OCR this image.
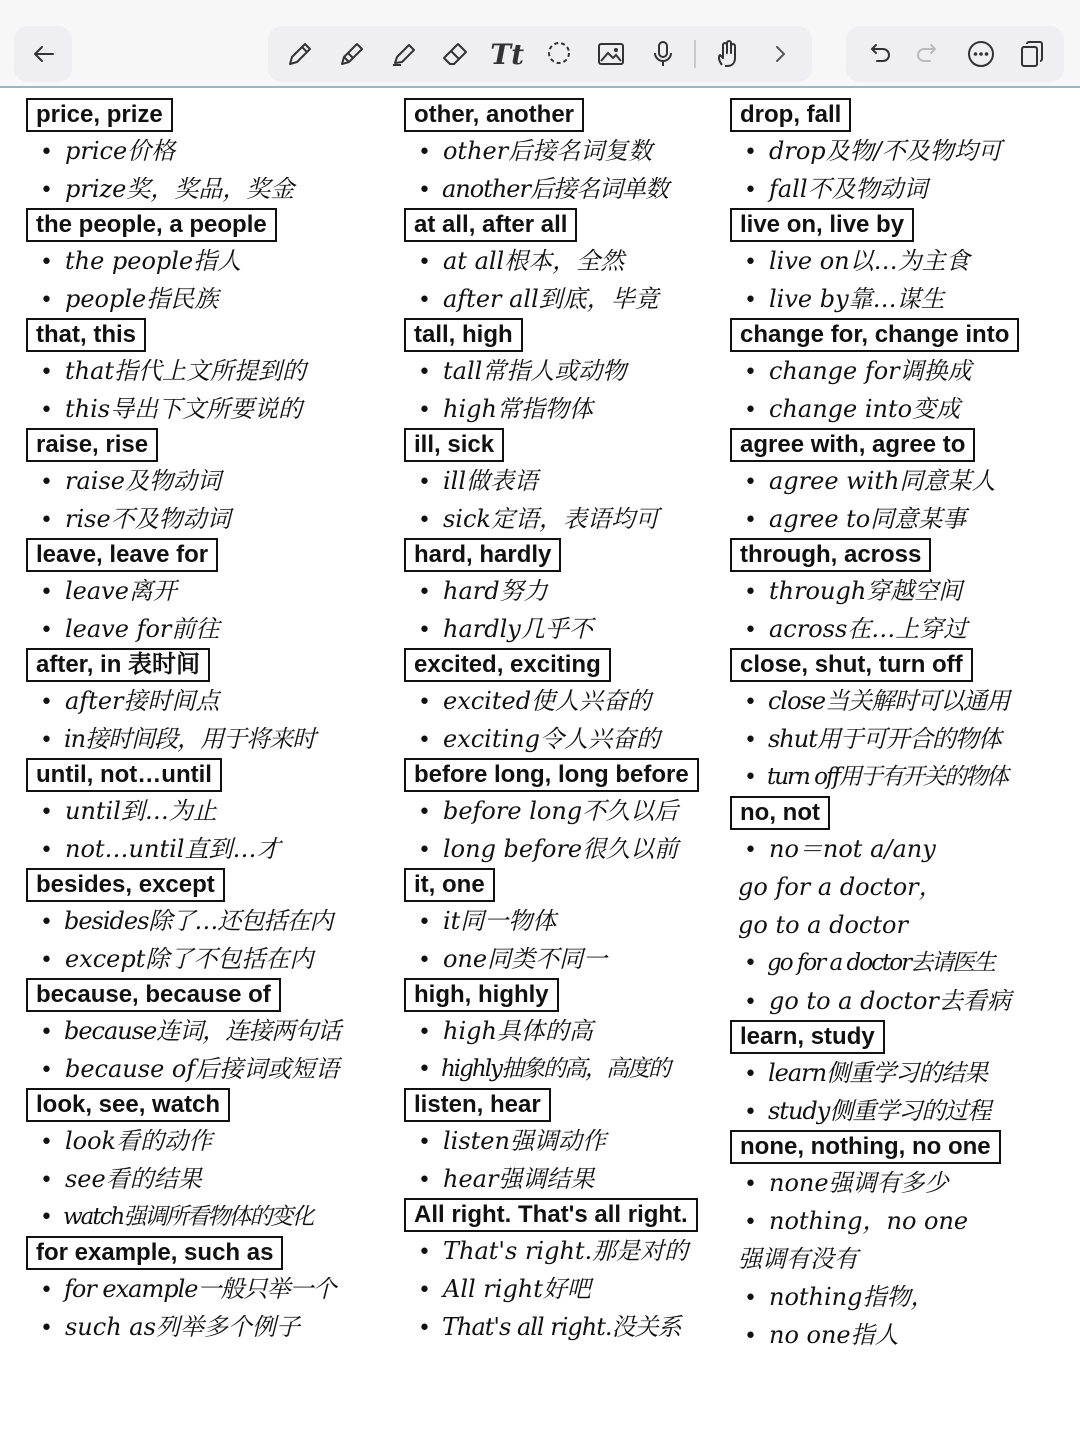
Tt
price, prize
• price价格
• prize奖，奖品，奖金
the people, a people
• the people指人
• people指民族
that, this
• that指代上文所提到的
• this导出下文所要说的
raise, rise
• raise及物动词
• rise不及物动词
leave, leave for
• leave离开
• leave for前往
after, in 表时间
• after接时间点
• in接时间段，用于将来时
until, not…until
• until到…为止
• not…until直到…才
besides, except
• besides除了…还包括在内
• except除了不包括在内
because, because of
• because连词，连接两句话
• because of后接词或短语
look, see, watch
• look看的动作
• see看的结果
• watch强调所看物体的变化
for example, such as
• for example一般只举一个
• such as列举多个例子
other, another
• other后接名词复数
• another后接名词单数
at all, after all
• at all根本，全然
• after all到底，毕竟
tall, high
• tall常指人或动物
• high常指物体
ill, sick
• ill做表语
• sick定语，表语均可
hard, hardly
• hard努力
• hardly几乎不
excited, exciting
• excited使人兴奋的
• exciting令人兴奋的
before long, long before
• before long不久以后
• long before很久以前
it, one
• it同一物体
• one同类不同一
high, highly
• high具体的高
• highly抽象的高，高度的
listen, hear
• listen强调动作
• hear强调结果
All right. That's all right.
• That's right.那是对的
• All right好吧
• That's all right.没关系
drop, fall
• drop及物/不及物均可
• fall不及物动词
live on, live by
• live on以…为主食
• live by靠…谋生
change for, change into
• change for调换成
• change into变成
agree with, agree to
• agree with同意某人
• agree to同意某事
through, across
• through穿越空间
• across在…上穿过
close, shut, turn off
• close当关解时可以通用
• shut用于可开合的物体
• turn off用于有开关的物体
no, not
• no＝not a/any
go for a doctor，
go to a doctor
• go for a doctor去请医生
• go to a doctor去看病
learn, study
• learn侧重学习的结果
• study侧重学习的过程
none, nothing, no one
• none强调有多少
• nothing，no one
强调有没有
• nothing指物，
• no one指人
